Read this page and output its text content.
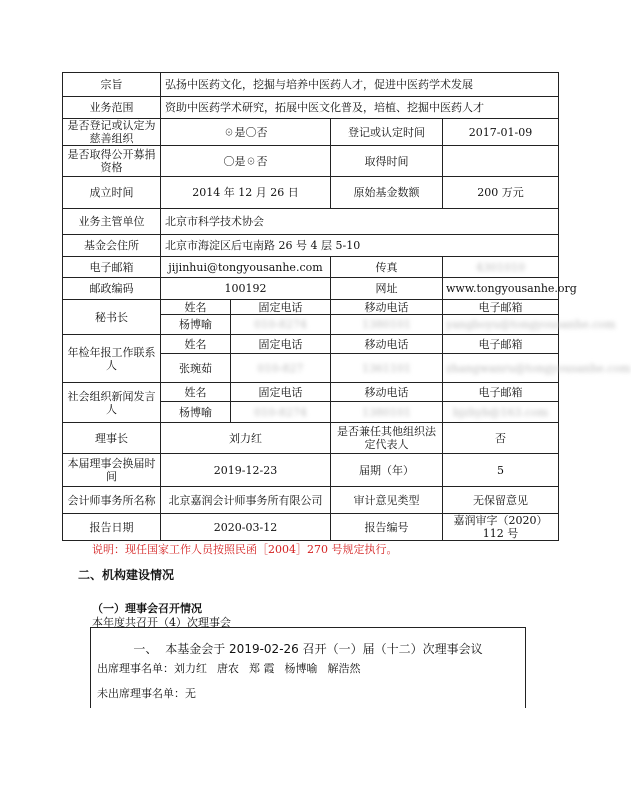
宗旨	弘扬中医药文化，挖掘与培养中医药人才，促进中医药学术发展			
业务范围	资助中医药学术研究，拓展中医文化普及，培植、挖掘中医药人才			
是否登记或认定为慈善组织	☉是〇否		登记或认定时间	2017-01-09
是否取得公开募捐资格	〇是☉否		取得时间	
成立时间	2014 年 12 月 26 日		原始基金数额	200 万元
业务主管单位	北京市科学技术协会			
基金会住所	北京市海淀区后屯南路 26 号 4 层 5-10			
电子邮箱	jijinhui@tongyousanhe.com		传真	4301010
邮政编码	100192		网址	www.tongyousanhe.org
秘书长	姓名	固定电话	移动电话	电子邮箱
	杨博喻	010-8274	1380101	yangboyu@tongyousanhe.com
年检年报工作联系人	姓名	固定电话	移动电话	电子邮箱
	张琬茹	010-827	1361101	zhangwanru@tongyousanhe.com
社会组织新闻发言人	姓名	固定电话	移动电话	电子邮箱
	杨博喻	010-8274	1380101	bjzhyb@163.com
理事长	刘力红		是否兼任其他组织法定代表人	否
本届理事会换届时间	2019-12-23		届期（年）	5
会计师事务所名称	北京嘉润会计师事务所有限公司		审计意见类型	无保留意见
报告日期	2020-03-12		报告编号	嘉润审字（2020）112 号
说明：现任国家工作人员按照民函［2004］270 号规定执行。
二、机构建设情况
（一）理事会召开情况
本年度共召开（4）次理事会
一、 本基金会于 2019-02-26 召开（一）届（十二）次理事会议
出席理事名单：刘力红 唐农 郑 霞 杨博喻 解浩然
未出席理事名单：无
